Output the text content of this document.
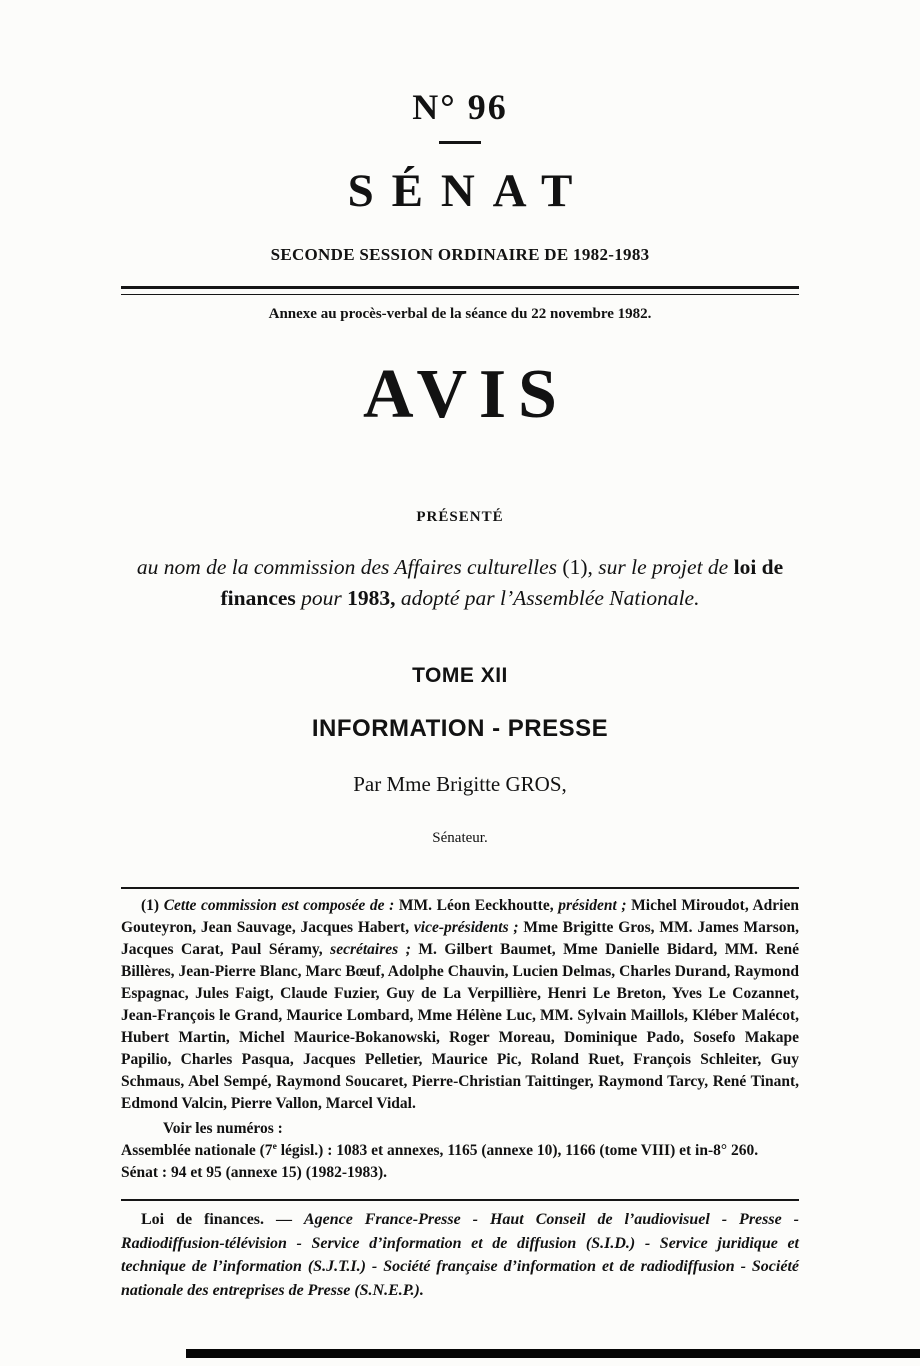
N° 96
SÉNAT
SECONDE SESSION ORDINAIRE DE 1982-1983
Annexe au procès-verbal de la séance du 22 novembre 1982.
AVIS
PRÉSENTÉ
au nom de la commission des Affaires culturelles (1), sur le projet de loi de finances pour 1983, adopté par l’Assemblée Nationale.
TOME XII
INFORMATION - PRESSE
Par Mme Brigitte GROS,
Sénateur.
(1) Cette commission est composée de : MM. Léon Eeckhoutte, président ; Michel Miroudot, Adrien Gouteyron, Jean Sauvage, Jacques Habert, vice-présidents ; Mme Brigitte Gros, MM. James Marson, Jacques Carat, Paul Séramy, secrétaires ; M. Gilbert Baumet, Mme Danielle Bidard, MM. René Billères, Jean-Pierre Blanc, Marc Bœuf, Adolphe Chauvin, Lucien Delmas, Charles Durand, Raymond Espagnac, Jules Faigt, Claude Fuzier, Guy de La Verpillière, Henri Le Breton, Yves Le Cozannet, Jean-François le Grand, Maurice Lombard, Mme Hélène Luc, MM. Sylvain Maillols, Kléber Malécot, Hubert Martin, Michel Maurice-Bokanowski, Roger Moreau, Dominique Pado, Sosefo Makape Papilio, Charles Pasqua, Jacques Pelletier, Maurice Pic, Roland Ruet, François Schleiter, Guy Schmaus, Abel Sempé, Raymond Soucaret, Pierre-Christian Taittinger, Raymond Tarcy, René Tinant, Edmond Valcin, Pierre Vallon, Marcel Vidal.
Voir les numéros :
Assemblée nationale (7e législ.) : 1083 et annexes, 1165 (annexe 10), 1166 (tome VIII) et in-8° 260.
Sénat : 94 et 95 (annexe 15) (1982-1983).
Loi de finances. — Agence France-Presse - Haut Conseil de l’audiovisuel - Presse - Radiodiffusion-télévision - Service d’information et de diffusion (S.I.D.) - Service juridique et technique de l’information (S.J.T.I.) - Société française d’information et de radiodiffusion - Société nationale des entreprises de Presse (S.N.E.P.).
